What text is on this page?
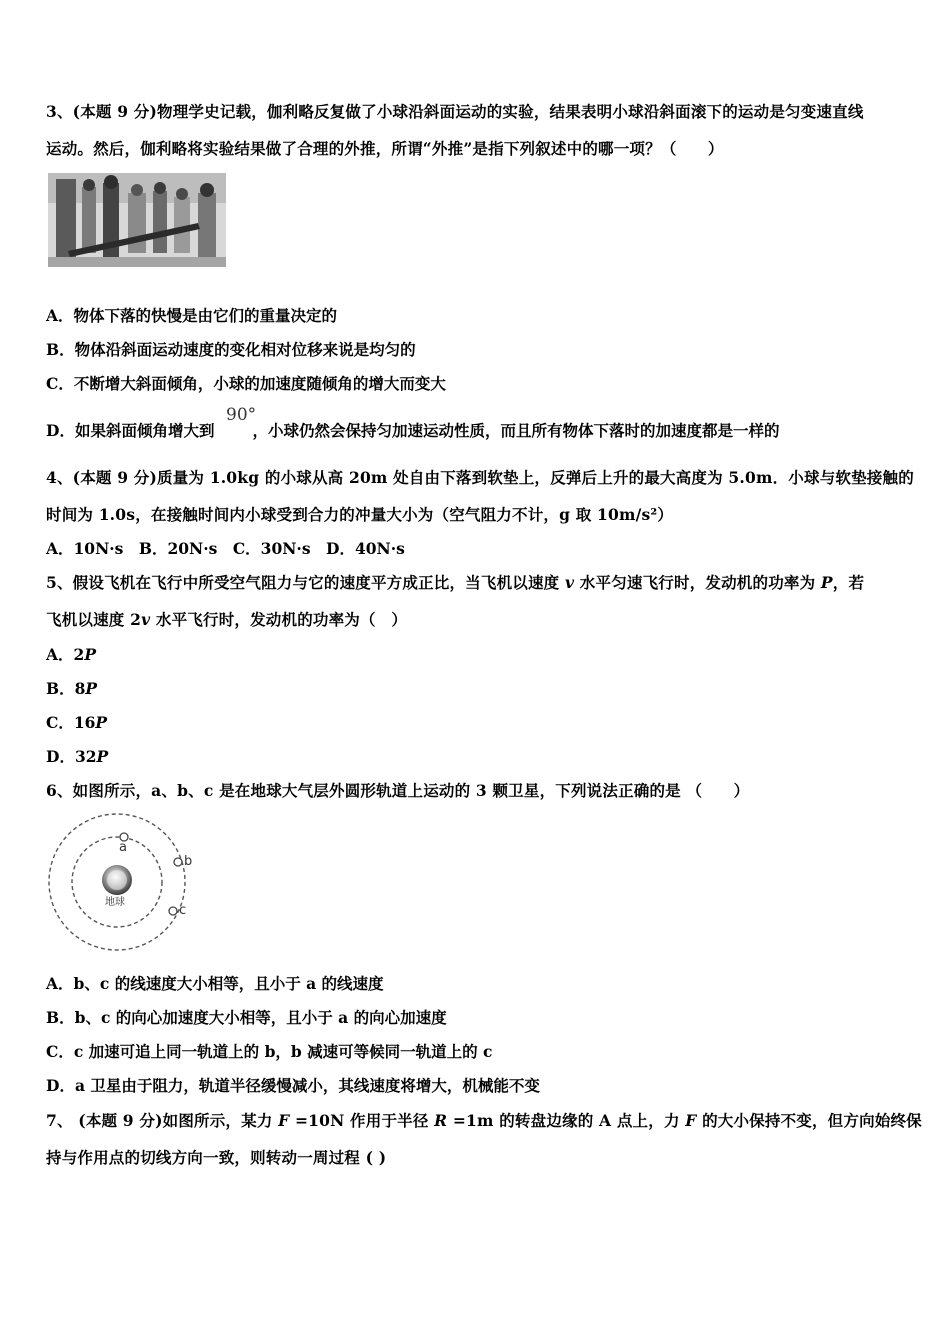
3、(本题 9 分)物理学史记载，伽利略反复做了小球沿斜面运动的实验，结果表明小球沿斜面滚下的运动是匀变速直线
运动。然后，伽利略将实验结果做了合理的外推，所谓“外推”是指下列叙述中的哪一项？（　　）
A．物体下落的快慢是由它们的重量决定的
B．物体沿斜面运动速度的变化相对位移来说是均匀的
C．不断增大斜面倾角，小球的加速度随倾角的增大而变大
D．如果斜面倾角增大到 ，小球仍然会保持匀加速运动性质，而且所有物体下落时的加速度都是一样的
90°
4、(本题 9 分)质量为 1.0kg 的小球从高 20m 处自由下落到软垫上，反弹后上升的最大高度为 5.0m．小球与软垫接触的
时间为 1.0s，在接触时间内小球受到合力的冲量大小为（空气阻力不计，g 取 10m/s²）
A．10N·s　B．20N·s　C．30N·s　D．40N·s
5、假设飞机在飞行中所受空气阻力与它的速度平方成正比，当飞机以速度 v 水平匀速飞行时，发动机的功率为 P，若
飞机以速度 2v 水平飞行时，发动机的功率为（　）
A．2P
B．8P
C．16P
D．32P
6、如图所示，a、b、c 是在地球大气层外圆形轨道上运动的 3 颗卫星，下列说法正确的是 （　　）
地球
a
b
c
A．b、c 的线速度大小相等，且小于 a 的线速度
B．b、c 的向心加速度大小相等，且小于 a 的向心加速度
C．c 加速可追上同一轨道上的 b，b 减速可等候同一轨道上的 c
D．a 卫星由于阻力，轨道半径缓慢减小，其线速度将增大，机械能不变
7、 (本题 9 分)如图所示，某力 F =10N 作用于半径 R =1m 的转盘边缘的 A 点上，力 F 的大小保持不变，但方向始终保
持与作用点的切线方向一致，则转动一周过程 ( )
